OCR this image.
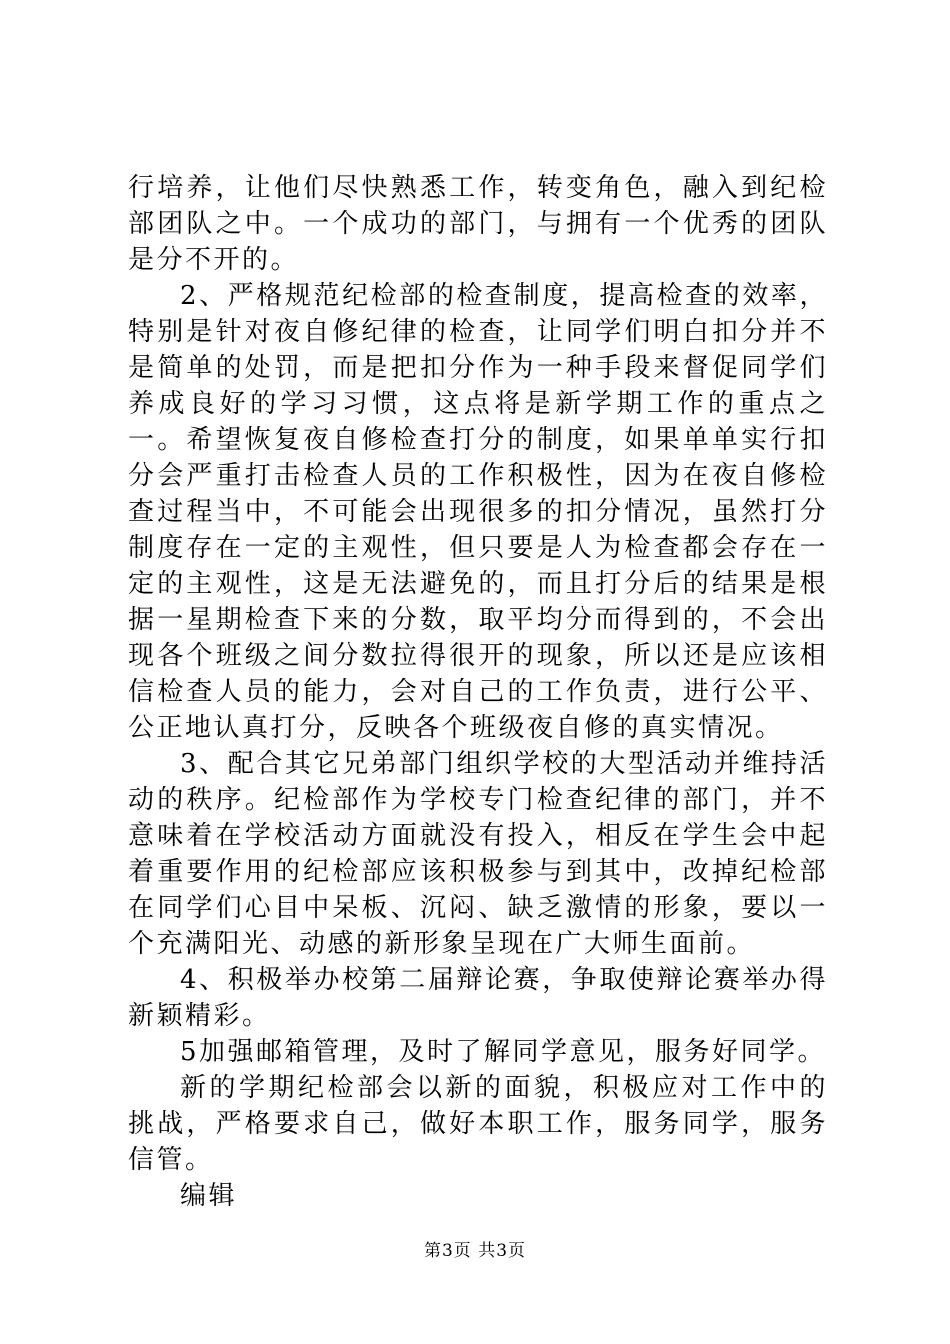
行培养，让他们尽快熟悉工作，转变角色，融入到纪检部团队之中。一个成功的部门，与拥有一个优秀的团队是分不开的。

2、严格规范纪检部的检查制度，提高检查的效率，特别是针对夜自修纪律的检查，让同学们明白扣分并不是简单的处罚，而是把扣分作为一种手段来督促同学们养成良好的学习习惯，这点将是新学期工作的重点之一。希望恢复夜自修检查打分的制度，如果单单实行扣分会严重打击检查人员的工作积极性，因为在夜自修检查过程当中，不可能会出现很多的扣分情况，虽然打分制度存在一定的主观性，但只要是人为检查都会存在一定的主观性，这是无法避免的，而且打分后的结果是根据一星期检查下来的分数，取平均分而得到的，不会出现各个班级之间分数拉得很开的现象，所以还是应该相信检查人员的能力，会对自己的工作负责，进行公平、公正地认真打分，反映各个班级夜自修的真实情况。

3、配合其它兄弟部门组织学校的大型活动并维持活动的秩序。纪检部作为学校专门检查纪律的部门，并不意味着在学校活动方面就没有投入，相反在学生会中起着重要作用的纪检部应该积极参与到其中，改掉纪检部在同学们心目中呆板、沉闷、缺乏激情的形象，要以一个充满阳光、动感的新形象呈现在广大师生面前。

4、积极举办校第二届辩论赛，争取使辩论赛举办得新颖精彩。

5加强邮箱管理，及时了解同学意见，服务好同学。

新的学期纪检部会以新的面貌，积极应对工作中的挑战，严格要求自己，做好本职工作，服务同学，服务信管。

编辑

第3页 共3页
